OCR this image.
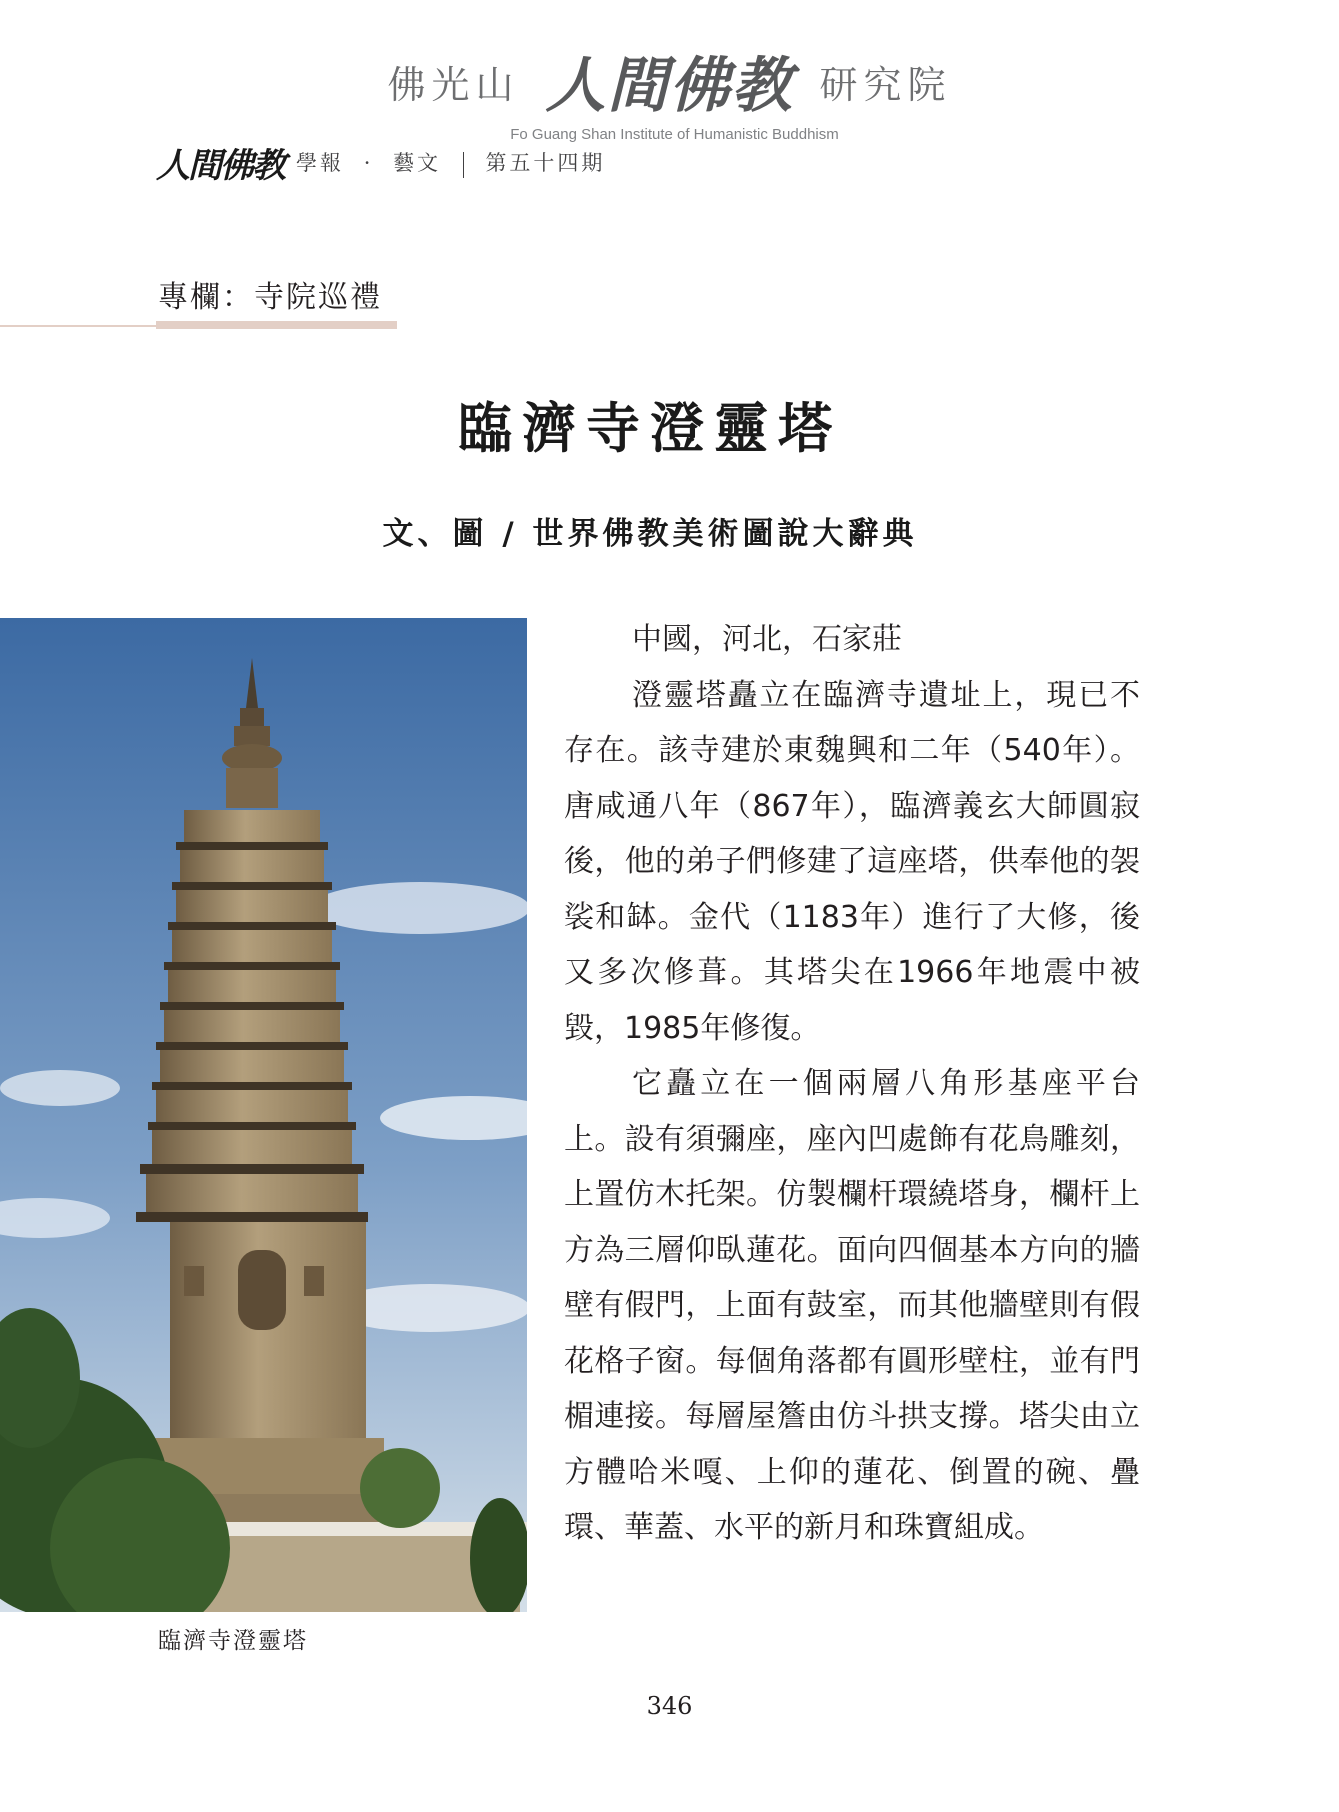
佛光山 人間佛教 研究院
Fo Guang Shan Institute of Humanistic Buddhism
人間佛教 學報 · 藝文 第五十四期
專欄：寺院巡禮
臨濟寺澄靈塔
文、圖 / 世界佛教美術圖說大辭典
臨濟寺澄靈塔

中國，河北，石家莊

澄靈塔矗立在臨濟寺遺址上，現已不存在。該寺建於東魏興和二年（540年）。唐咸通八年（867年），臨濟義玄大師圓寂後，他的弟子們修建了這座塔，供奉他的袈裟和缽。金代（1183年）進行了大修，後又多次修葺。其塔尖在1966年地震中被毀，1985年修復。

它矗立在一個兩層八角形基座平台上。設有須彌座，座內凹處飾有花鳥雕刻，上置仿木托架。仿製欄杆環繞塔身，欄杆上方為三層仰臥蓮花。面向四個基本方向的牆壁有假門，上面有鼓室，而其他牆壁則有假花格子窗。每個角落都有圓形壁柱，並有門楣連接。每層屋簷由仿斗拱支撐。塔尖由立方體哈米嘎、上仰的蓮花、倒置的碗、疊環、華蓋、水平的新月和珠寶組成。

346
